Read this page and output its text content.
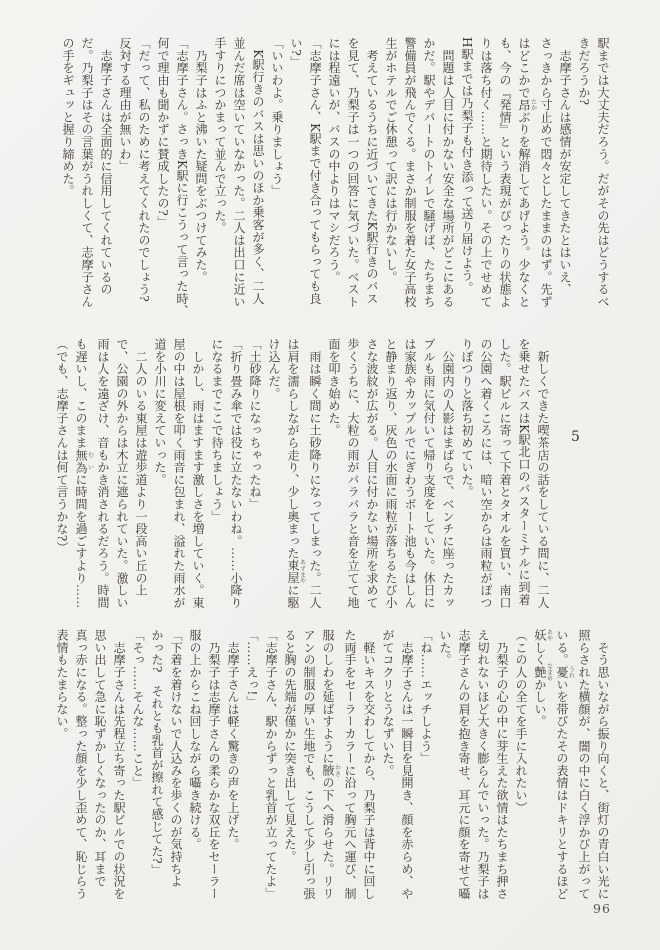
駅までは大丈夫だろう。だがその先はどうするべ

きだろうか?

　志摩子さんは感情が安定してきたとはいえ、

さっきから寸止めで悶々としたままのはず。先ず

はどこかで昂たかぶりを解消してあげよう。少なくと

も、今の『発情』という表現がぴったりの状態よ

りは落ち付く……と期待したい。その上でせめて

H駅までは乃梨子も付き添って送り届けよう。

　問題は人目に付かない安全な場所がどこにある

かだ。駅やデパートのトイレで騒げば、たちまち

警備員が飛んでくる。まさか制服を着た女子高校

生がホテルでご休憩って訳には行かないし。

　考えているうちに近づいてきたK駅行きのバス

を見て、乃梨子は一つの回答に気づいた。ベスト

には程遠いが、バスの中よりはマシだろう。

「志摩子さん、K駅まで付き合ってもらっても良

い?」

「いいわよ。乗りましょう」

　K駅行きのバスは思いのほか乗客が多く、二人

並んだ席は空いていなかった。二人は出口に近い

手すりにつかまって並んで立った。

　乃梨子はふと沸いた疑問をぶつけてみた。

「志摩子さん。さっきK駅に行こうって言った時、

何で理由も聞かずに賛成したの?」

「だって、私のために考えてくれたのでしょう?

反対する理由が無いわ」

　志摩子さんは全面的に信用してくれているの

だ。乃梨子はその言葉がうれしくて、志摩子さん

の手をギュッと握り締めた。

5

　新しくできた喫茶店の話をしている間に、二人

を乗せたバスはK駅北口のバスターミナルに到着

した。駅ビルに寄って下着とタオルを買い、南口

の公園へ着くころには、暗い空からは雨粒がぽつ

りぽつりと落ち初めていた。

　公園内の人影はまばらで、ベンチに座ったカッ

プルも雨に気付いて帰り支度をしていた。休日に

は家族やカップルでにぎわうボート池も今はしん

と静まり返り、灰色の水面に雨粒が落ちるたび小

さな波紋が広がる。人目に付かない場所を求めて

歩くうちに、大粒の雨がバラバラと音を立てて地

面を叩き始めた。

　雨は瞬く間に土砂降りになってしまった。二人

は肩を濡らしながら走り、少し奥まった東屋あずまやに駆

け込んだ。

「土砂降りになっちゃったね」

「折り畳み傘では役に立たないわね。……小降り

になるまでここで待ちましょう」

　しかし、雨はますます激しさを増していく。東

屋の中は屋根を叩く雨音に包まれ、溢れた雨水が

道を小川に変えていった。

　二人のいる東屋は遊歩道より一段高い丘の上

で、公園の外からは木立に遮られていた。激しい

雨は人を遠ざけ、音もかき消されるだろう。時間

も遅いし、このまま無為むいに時間を過ごすより……

（でも、志摩子さんは何て言うかな?）

　そう思いながら振り向くと、街灯の青白い光に

照らされた横顔が、闇の中に白く浮かび上がって

いる。憂うれいを帯びたその表情はドキリとするほど

妖あやしく艶なまめかしい。

（この人の全てを手に入れたい）

　乃梨子の心の中に芽生えた欲情はたちまち押さ

え切れないほど大きく膨らんでいった。乃梨子は

志摩子さんの肩を抱き寄せ、耳元に顔を寄せて囁

いた。

「ね……エッチしよう」

　志摩子さんは一瞬目を見開き、顔を赤らめ、や

がてコクリとうなずいた。

　軽いキスを交わしてから、乃梨子は背中に回し

た両手をセーラーカラーに沿って胸元へ運び、制

服のしわを延ばすように腋わきの下へ滑らせた。リリ

アンの制服の厚い生地でも、こうして少し引っ張

ると胸の先端が僅かに突き出して見えた。

「志摩子さん、駅からずっと乳首が立ってたよ」

「……えっ!」

　志摩子さんは軽く驚きの声を上げた。

　乃梨子は志摩子さんの柔らかな双丘をセーラー

服の上からこね回しながら囁き続ける。

「下着を着けないで人込みを歩くのが気持ちよ

かった?　それとも乳首が擦れて感じてた?」

「そっ……そんな……こと」

　志摩子さんは先程立ち寄った駅ビルでの状況を

思い出して急に恥ずかしくなったのか、耳まで

真っ赤になる。整った顔を少し歪めて、恥じらう

表情もたまらない。

96
